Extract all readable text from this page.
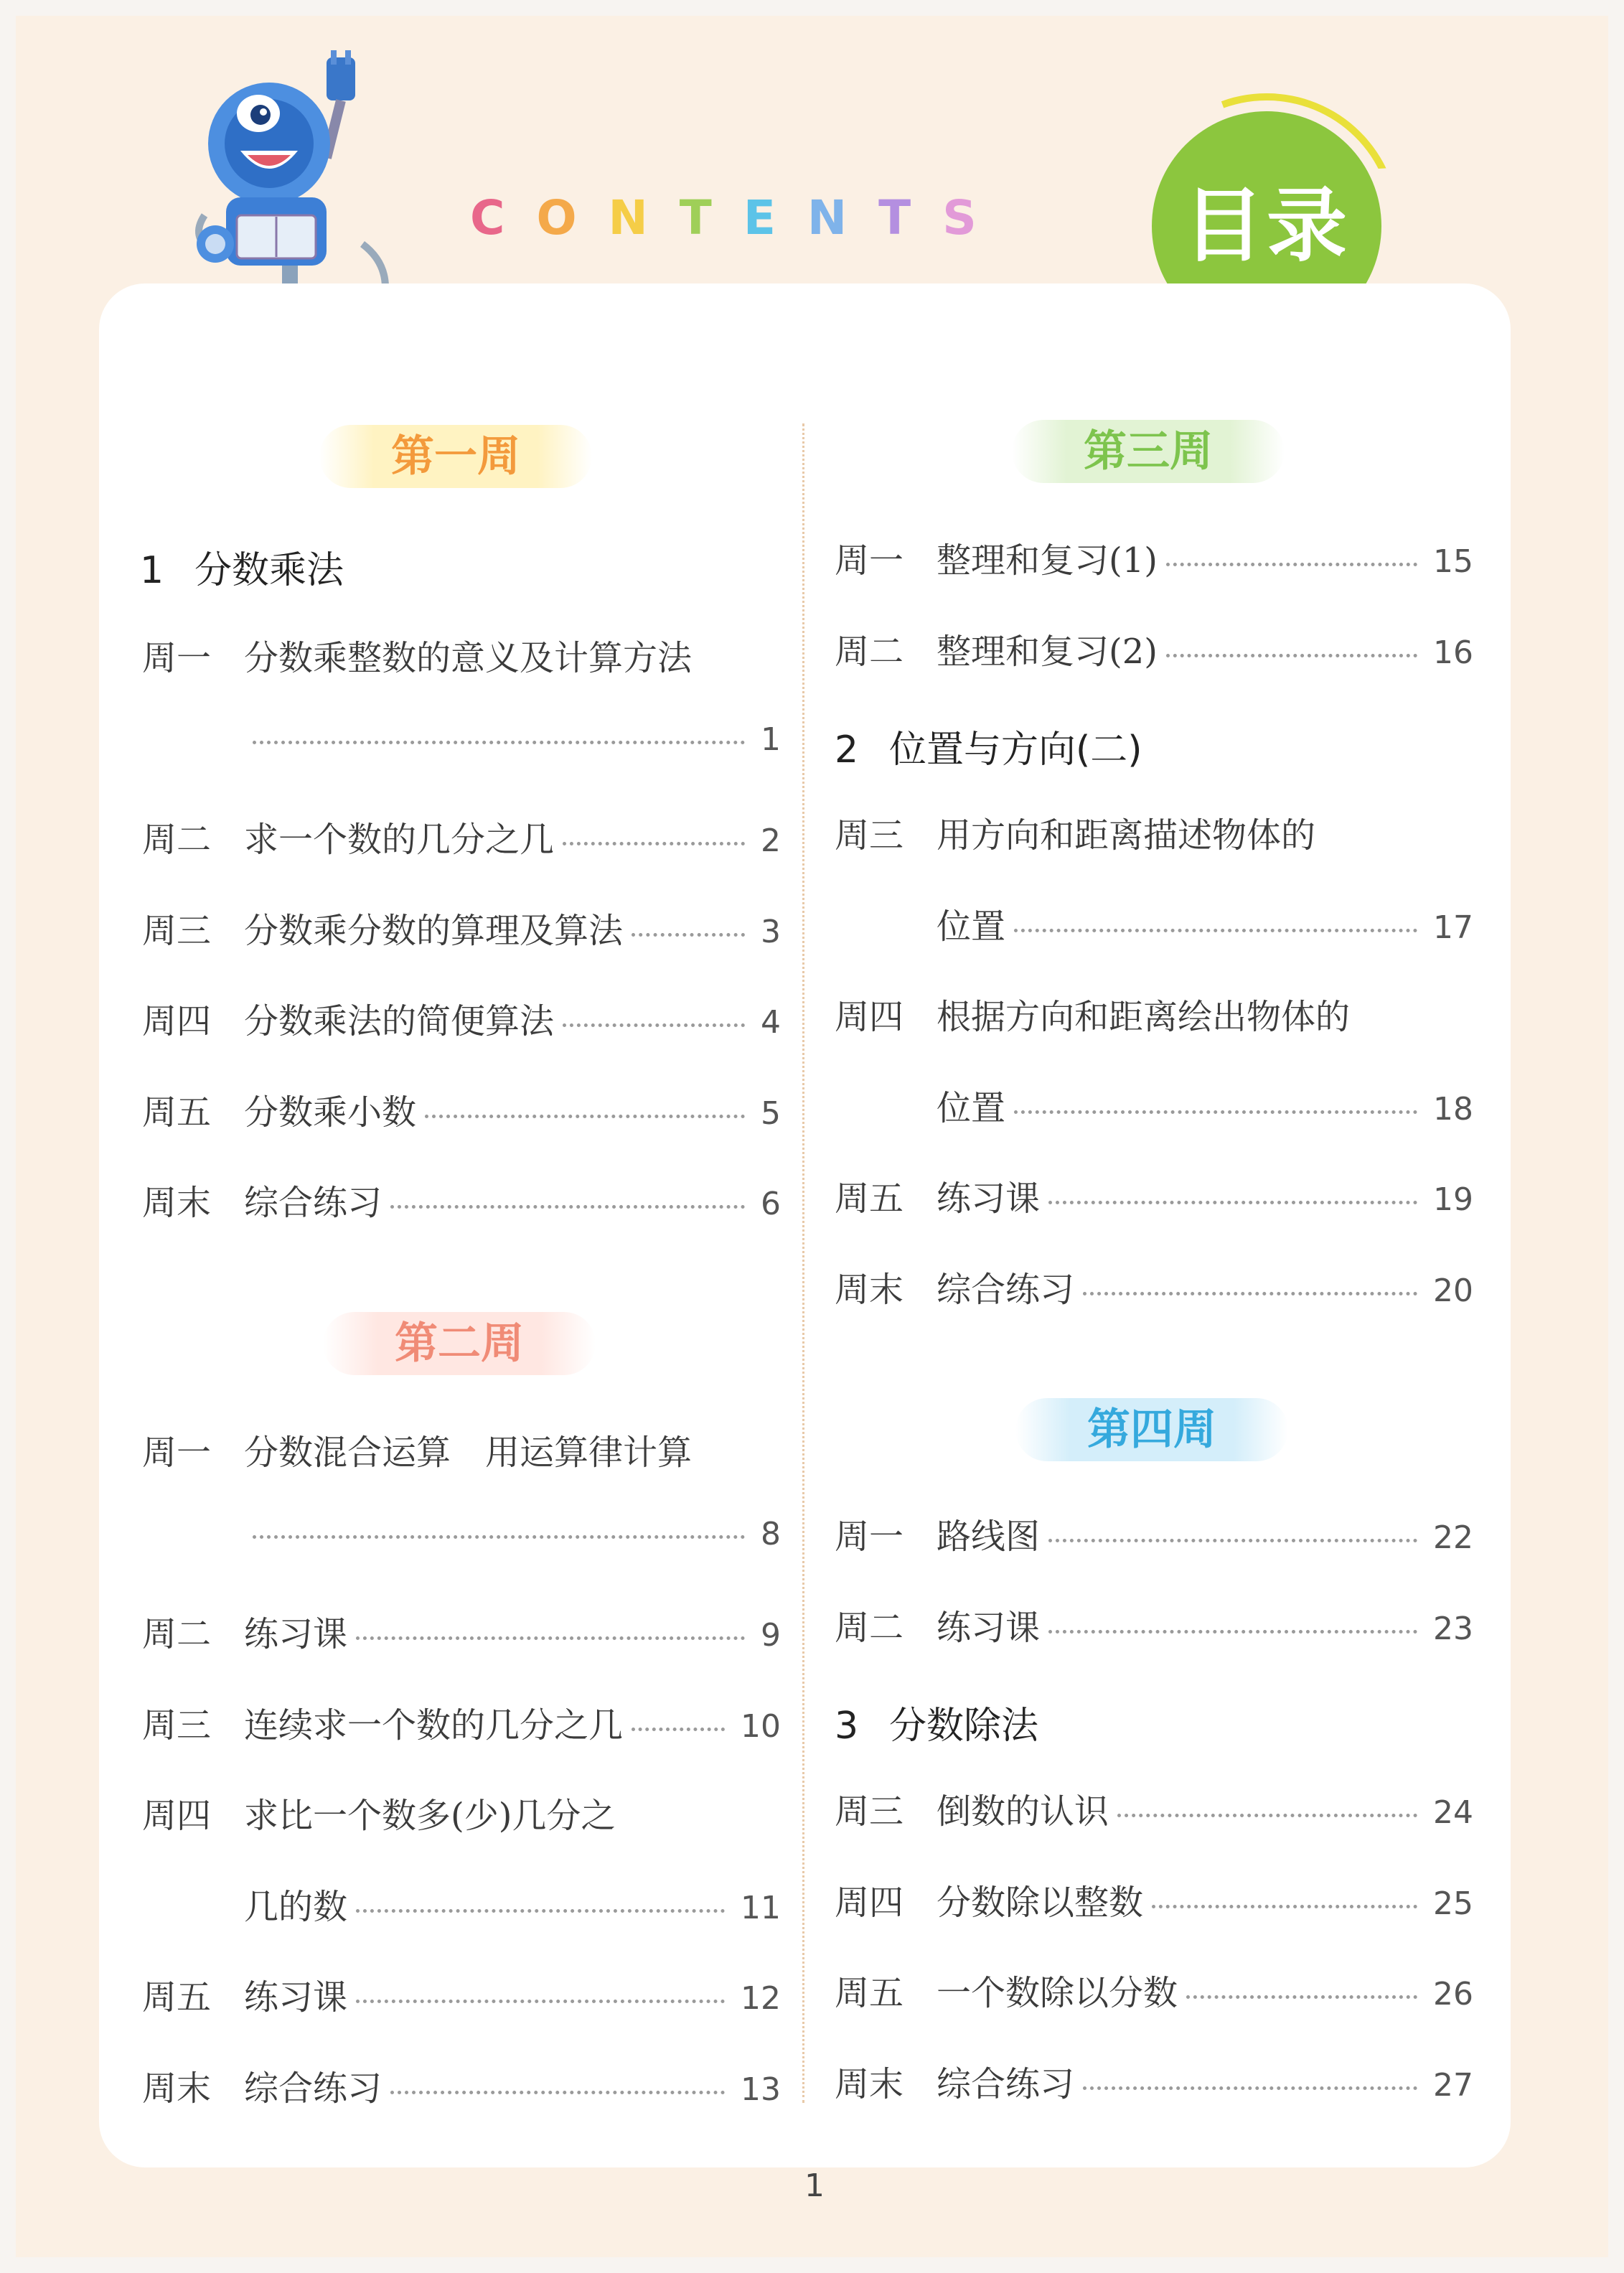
C O N T E N T S	目录
第一周
1 分数乘法
周一 分数乘整数的意义及计算方法
1
周二 求一个数的几分之几	2
周三 分数乘分数的算理及算法	3
周四 分数乘法的简便算法	4
周五 分数乘小数	5
周末 综合练习	6
第二周
周一 分数混合运算　用运算律计算
8
周二 练习课	9
周三 连续求一个数的几分之几	10
周四 求比一个数多(少)几分之
几的数	11
周五 练习课	12
周末 综合练习	13
第三周
周一 整理和复习(1)	15
周二 整理和复习(2)	16
2 位置与方向(二)
周三 用方向和距离描述物体的
位置	17
周四 根据方向和距离绘出物体的
位置	18
周五 练习课	19
周末 综合练习	20
第四周
周一 路线图	22
周二 练习课	23
3 分数除法
周三 倒数的认识	24
周四 分数除以整数	25
周五 一个数除以分数	26
周末 综合练习	27
1
